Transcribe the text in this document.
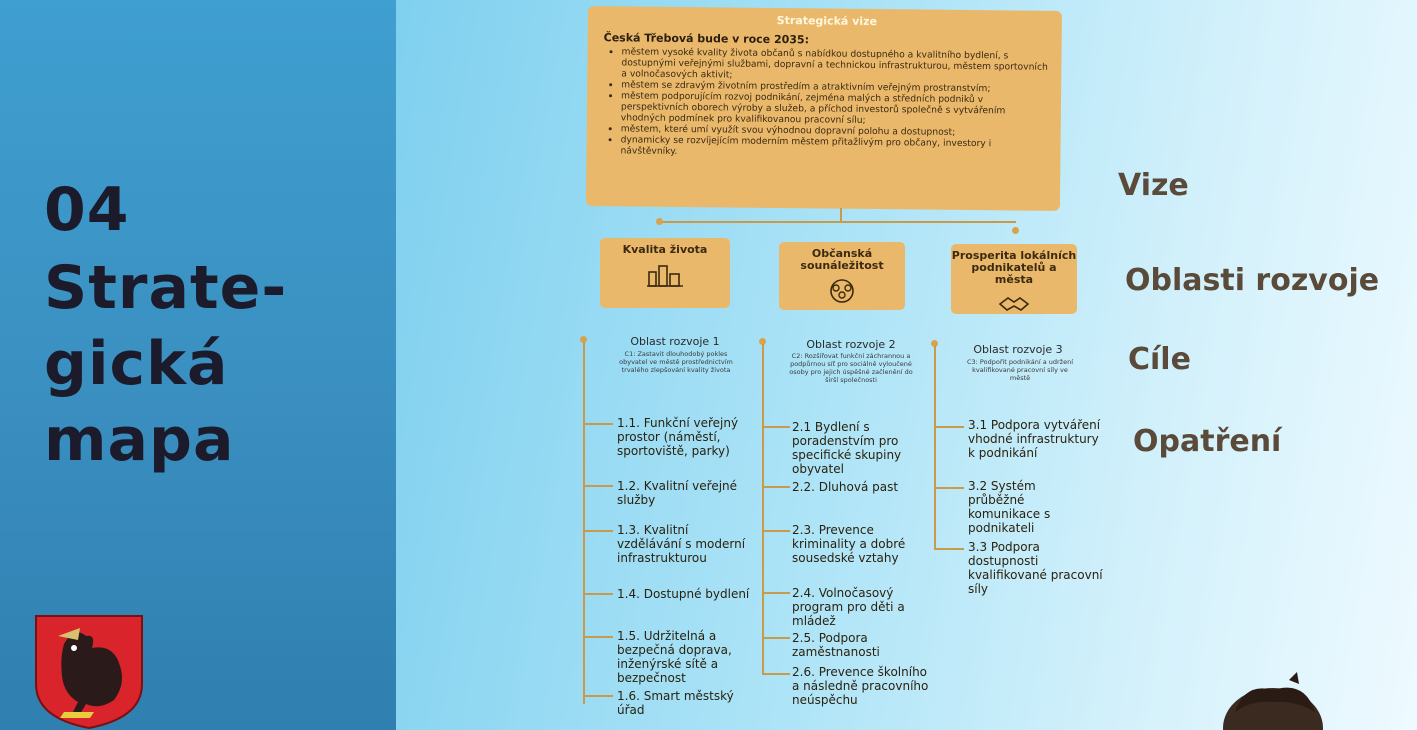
04
Strate-
gická
mapa
Strategická vize
Česká Třebová bude v roce 2035:
• městem vysoké kvality života občanů s nabídkou dostupného a kvalitního bydlení, s dostupnými veřejnými službami, dopravní a technickou infrastrukturou, městem sportovních a volnočasových aktivit;
• městem se zdravým životním prostředím a atraktivním veřejným prostranstvím;
• městem podporujícím rozvoj podnikání, zejména malých a středních podniků v perspektivních oborech výroby a služeb, a příchod investorů společně s vytvářením vhodných podmínek pro kvalifikovanou pracovní sílu;
• městem, které umí využít svou výhodnou dopravní polohu a dostupnost;
• dynamicky se rozvíjejícím moderním městem přitažlivým pro občany, investory i návštěvníky.
Kvalita života	Občanská sounáležitost
Prosperita lokálních podnikatelů a města
Vize
Oblasti rozvoje
Cíle
Opatření
Oblast rozvoje 1
C1: Zastavit dlouhodobý pokles obyvatel ve městě prostřednictvím trvalého zlepšování kvality života
1.1. Funkční veřejný prostor (náměstí, sportoviště, parky)
1.2. Kvalitní veřejné služby
1.3. Kvalitní vzdělávání s moderní infrastrukturou
1.4. Dostupné bydlení
1.5. Udržitelná a bezpečná doprava, inženýrské sítě a bezpečnost
1.6. Smart městský úřad
Oblast rozvoje 2
C2: Rozšířovat funkční záchrannou a podpůrnou síť pro sociálně vyloučené osoby pro jejich úspěšné začlenění do širší společnosti
2.1 Bydlení s poradenstvím pro specifické skupiny obyvatel
2.2. Dluhová past
2.3. Prevence kriminality a dobré sousedské vztahy
2.4. Volnočasový program pro děti a mládež
2.5. Podpora zaměstnanosti
2.6. Prevence školního a následně pracovního neúspěchu
Oblast rozvoje 3
C3: Podpořit podnikání a udržení kvalifikované pracovní síly ve městě
3.1 Podpora vytváření vhodné infrastruktury k podnikání
3.2 Systém průběžné komunikace s podnikateli
3.3 Podpora dostupnosti kvalifikované pracovní síly
